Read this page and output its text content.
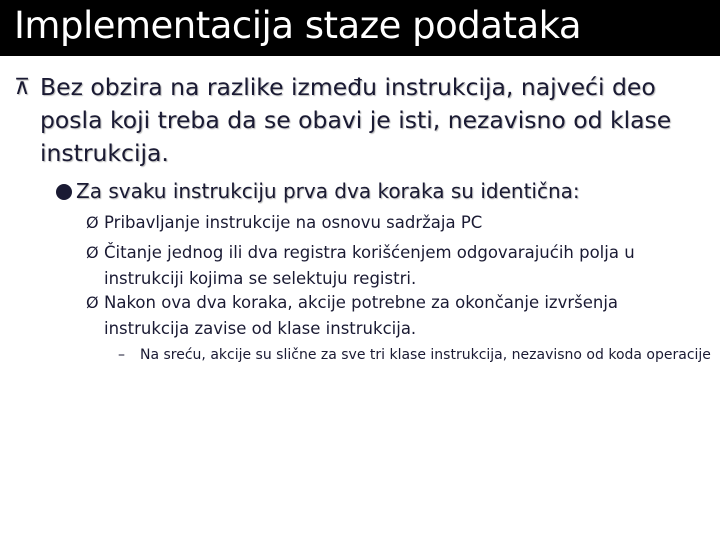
Implementacija staze podataka
⊼ Bez obzira na razlike između instrukcija, najveći deo posla koji treba da se obavi je isti, nezavisno od klase instrukcija.
Za svaku instrukciju prva dva koraka su identična:
Ø Pribavljanje instrukcije na osnovu sadržaja PC
Ø Čitanje jednog ili dva registra korišćenjem odgovarajućih polja u instrukciji kojima se selektuju registri.
Ø Nakon ova dva koraka, akcije potrebne za okončanje izvršenja instrukcija zavise od klase instrukcija.
– Na sreću, akcije su slične za sve tri klase instrukcija, nezavisno od koda operacije
